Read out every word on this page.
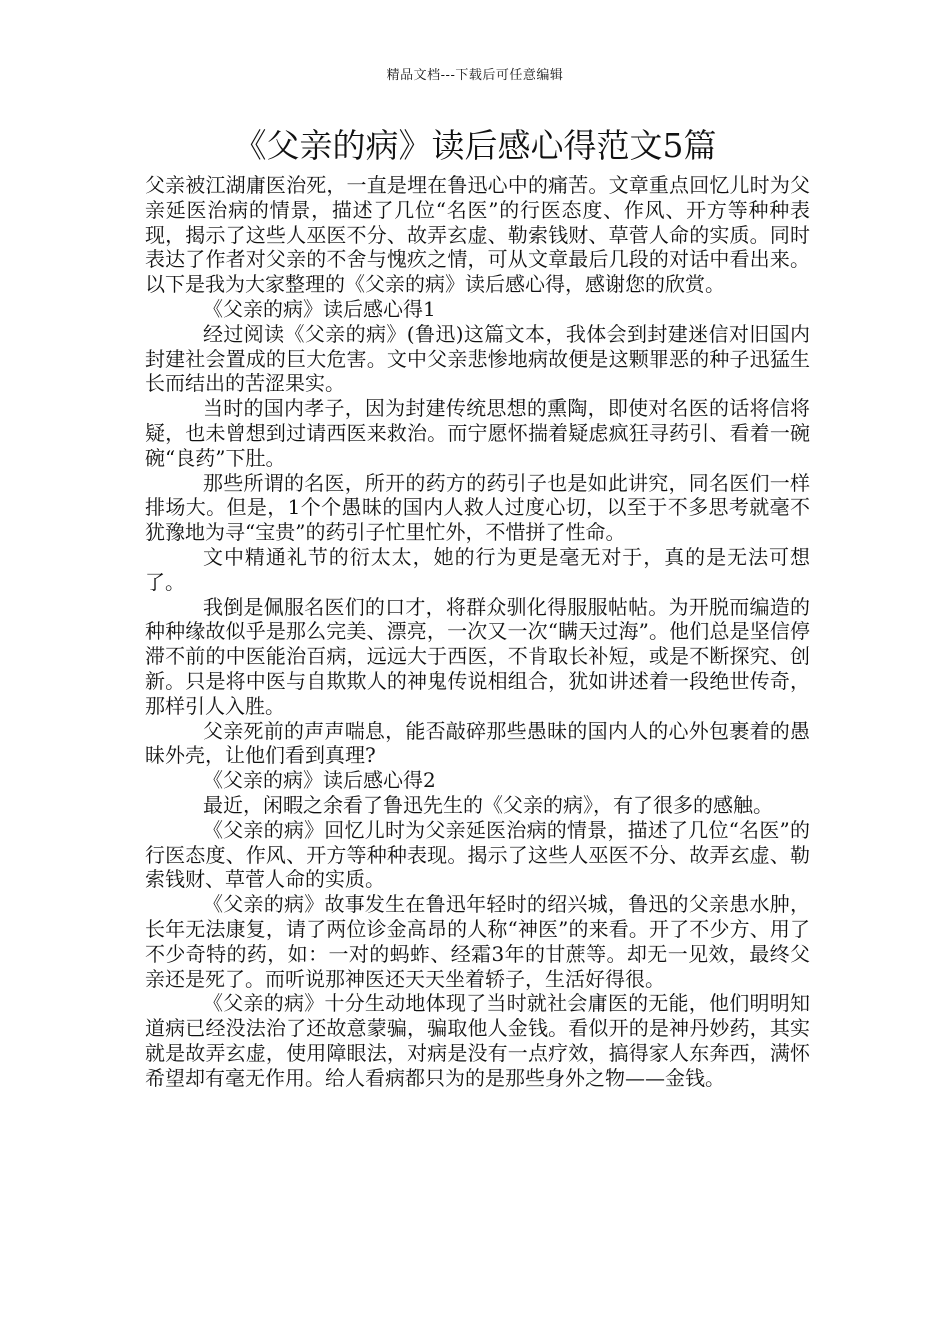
精品文档---下载后可任意编辑
《父亲的病》读后感心得范文5篇

父亲被江湖庸医治死，一直是埋在鲁迅心中的痛苦。文章重点回忆儿时为父亲延医治病的情景，描述了几位“名医”的行医态度、作风、开方等种种表现，揭示了这些人巫医不分、故弄玄虚、勒索钱财、草菅人命的实质。同时表达了作者对父亲的不舍与愧疚之情，可从文章最后几段的对话中看出来。以下是我为大家整理的《父亲的病》读后感心得，感谢您的欣赏。

《父亲的病》读后感心得1

经过阅读《父亲的病》(鲁迅)这篇文本，我体会到封建迷信对旧国内封建社会置成的巨大危害。文中父亲悲惨地病故便是这颗罪恶的种子迅猛生长而结出的苦涩果实。

当时的国内孝子，因为封建传统思想的熏陶，即使对名医的话将信将疑，也未曾想到过请西医来救治。而宁愿怀揣着疑虑疯狂寻药引、看着一碗碗“良药”下肚。

那些所谓的名医，所开的药方的药引子也是如此讲究，同名医们一样排场大。但是，1个个愚昧的国内人救人过度心切，以至于不多思考就毫不犹豫地为寻“宝贵”的药引子忙里忙外，不惜拼了性命。

文中精通礼节的衍太太，她的行为更是毫无对于，真的是无法可想了。

我倒是佩服名医们的口才，将群众驯化得服服帖帖。为开脱而编造的种种缘故似乎是那么完美、漂亮，一次又一次“瞒天过海”。他们总是坚信停滞不前的中医能治百病，远远大于西医，不肯取长补短，或是不断探究、创新。只是将中医与自欺欺人的神鬼传说相组合，犹如讲述着一段绝世传奇，那样引人入胜。

父亲死前的声声喘息，能否敲碎那些愚昧的国内人的心外包裹着的愚昧外壳，让他们看到真理?

《父亲的病》读后感心得2

最近，闲暇之余看了鲁迅先生的《父亲的病》，有了很多的感触。

《父亲的病》回忆儿时为父亲延医治病的情景，描述了几位“名医”的行医态度、作风、开方等种种表现。揭示了这些人巫医不分、故弄玄虚、勒索钱财、草菅人命的实质。

《父亲的病》故事发生在鲁迅年轻时的绍兴城，鲁迅的父亲患水肿，长年无法康复，请了两位诊金高昂的人称“神医”的来看。开了不少方、用了不少奇特的药，如：一对的蚂蚱、经霜3年的甘蔗等。却无一见效，最终父亲还是死了。而听说那神医还天天坐着轿子，生活好得很。

《父亲的病》十分生动地体现了当时就社会庸医的无能，他们明明知道病已经没法治了还故意蒙骗，骗取他人金钱。看似开的是神丹妙药，其实就是故弄玄虚，使用障眼法，对病是没有一点疗效，搞得家人东奔西，满怀希望却有毫无作用。给人看病都只为的是那些身外之物——金钱。
